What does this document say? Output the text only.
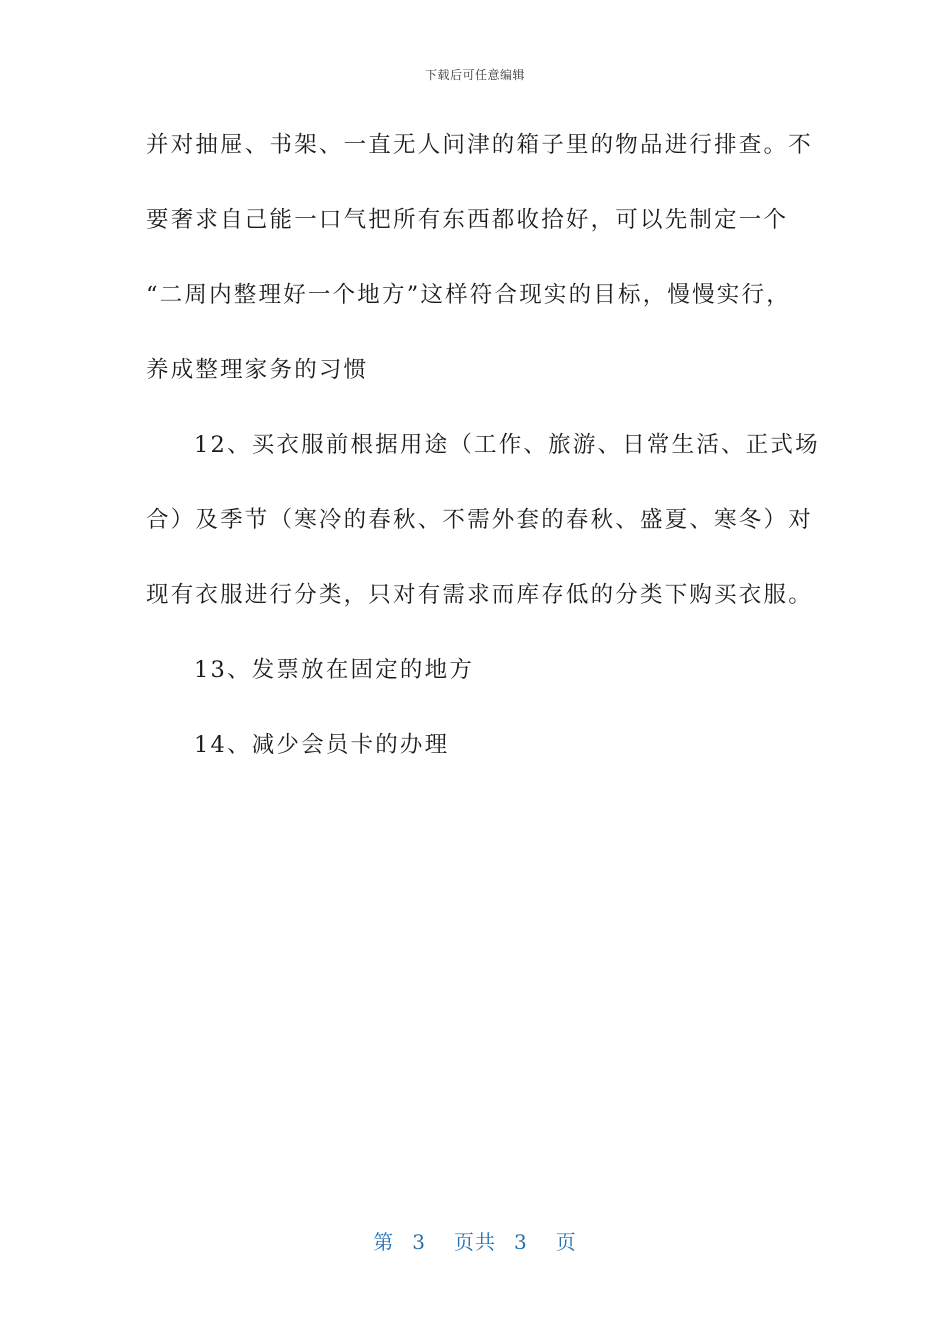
下载后可任意编辑
并对抽屉、书架、一直无人问津的箱子里的物品进行排查。不
要奢求自己能一口气把所有东西都收拾好，可以先制定一个
“二周内整理好一个地方”这样符合现实的目标，慢慢实行，
养成整理家务的习惯
12、买衣服前根据用途（工作、旅游、日常生活、正式场
合）及季节（寒冷的春秋、不需外套的春秋、盛夏、寒冬）对
现有衣服进行分类，只对有需求而库存低的分类下购买衣服。
13、发票放在固定的地方
14、减少会员卡的办理
第 3 页共 3 页
